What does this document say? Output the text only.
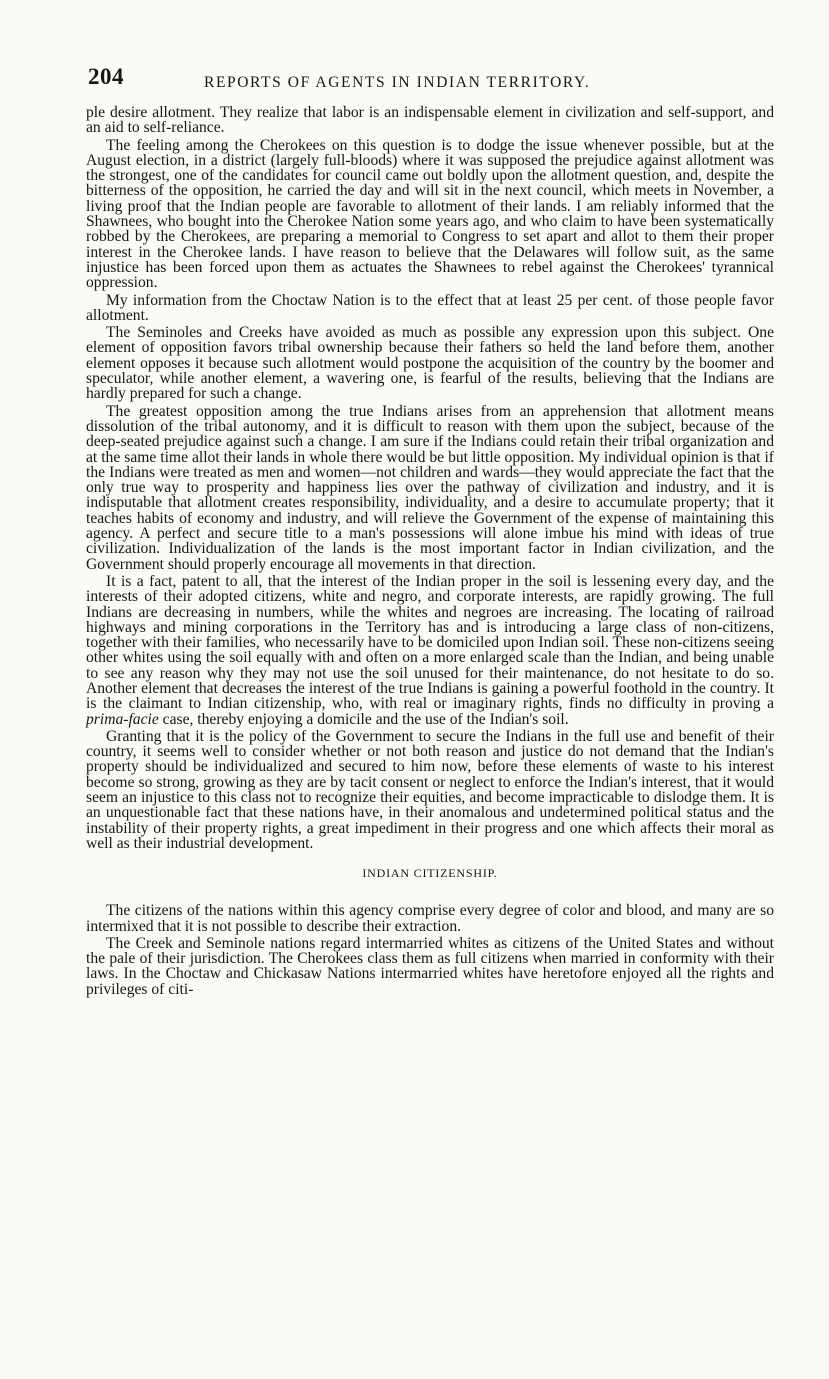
204	REPORTS OF AGENTS IN INDIAN TERRITORY.

ple desire allotment. They realize that labor is an indispensable element in civilization and self-support, and an aid to self-reliance.

The feeling among the Cherokees on this question is to dodge the issue whenever possible, but at the August election, in a district (largely full-bloods) where it was supposed the prejudice against allotment was the strongest, one of the candidates for council came out boldly upon the allotment question, and, despite the bitterness of the opposition, he carried the day and will sit in the next council, which meets in November, a living proof that the Indian people are favorable to allotment of their lands. I am reliably informed that the Shawnees, who bought into the Cherokee Nation some years ago, and who claim to have been systematically robbed by the Cherokees, are preparing a memorial to Congress to set apart and allot to them their proper interest in the Cherokee lands. I have reason to believe that the Delawares will follow suit, as the same injustice has been forced upon them as actuates the Shawnees to rebel against the Cherokees' tyrannical oppression.

My information from the Choctaw Nation is to the effect that at least 25 per cent. of those people favor allotment.

The Seminoles and Creeks have avoided as much as possible any expression upon this subject. One element of opposition favors tribal ownership because their fathers so held the land before them, another element opposes it because such allotment would postpone the acquisition of the country by the boomer and speculator, while another element, a wavering one, is fearful of the results, believing that the Indians are hardly prepared for such a change.

The greatest opposition among the true Indians arises from an apprehension that allotment means dissolution of the tribal autonomy, and it is difficult to reason with them upon the subject, because of the deep-seated prejudice against such a change. I am sure if the Indians could retain their tribal organization and at the same time allot their lands in whole there would be but little opposition. My individual opinion is that if the Indians were treated as men and women—not children and wards—they would appreciate the fact that the only true way to prosperity and happiness lies over the pathway of civilization and industry, and it is indisputable that allotment creates responsibility, individuality, and a desire to accumulate property; that it teaches habits of economy and industry, and will relieve the Government of the expense of maintaining this agency. A perfect and secure title to a man's possessions will alone imbue his mind with ideas of true civilization. Individualization of the lands is the most important factor in Indian civilization, and the Government should properly encourage all movements in that direction.

It is a fact, patent to all, that the interest of the Indian proper in the soil is lessening every day, and the interests of their adopted citizens, white and negro, and corporate interests, are rapidly growing. The full Indians are decreasing in numbers, while the whites and negroes are increasing. The locating of railroad highways and mining corporations in the Territory has and is introducing a large class of non-citizens, together with their families, who necessarily have to be domiciled upon Indian soil. These non-citizens seeing other whites using the soil equally with and often on a more enlarged scale than the Indian, and being unable to see any reason why they may not use the soil unused for their maintenance, do not hesitate to do so. Another element that decreases the interest of the true Indians is gaining a powerful foothold in the country. It is the claimant to Indian citizenship, who, with real or imaginary rights, finds no difficulty in proving a prima-facie case, thereby enjoying a domicile and the use of the Indian's soil.

Granting that it is the policy of the Government to secure the Indians in the full use and benefit of their country, it seems well to consider whether or not both reason and justice do not demand that the Indian's property should be individualized and secured to him now, before these elements of waste to his interest become so strong, growing as they are by tacit consent or neglect to enforce the Indian's interest, that it would seem an injustice to this class not to recognize their equities, and become impracticable to dislodge them. It is an unquestionable fact that these nations have, in their anomalous and undetermined political status and the instability of their property rights, a great impediment in their progress and one which affects their moral as well as their industrial development.

INDIAN CITIZENSHIP.

The citizens of the nations within this agency comprise every degree of color and blood, and many are so intermixed that it is not possible to describe their extraction.

The Creek and Seminole nations regard intermarried whites as citizens of the United States and without the pale of their jurisdiction. The Cherokees class them as full citizens when married in conformity with their laws. In the Choctaw and Chickasaw Nations intermarried whites have heretofore enjoyed all the rights and privileges of citi-
